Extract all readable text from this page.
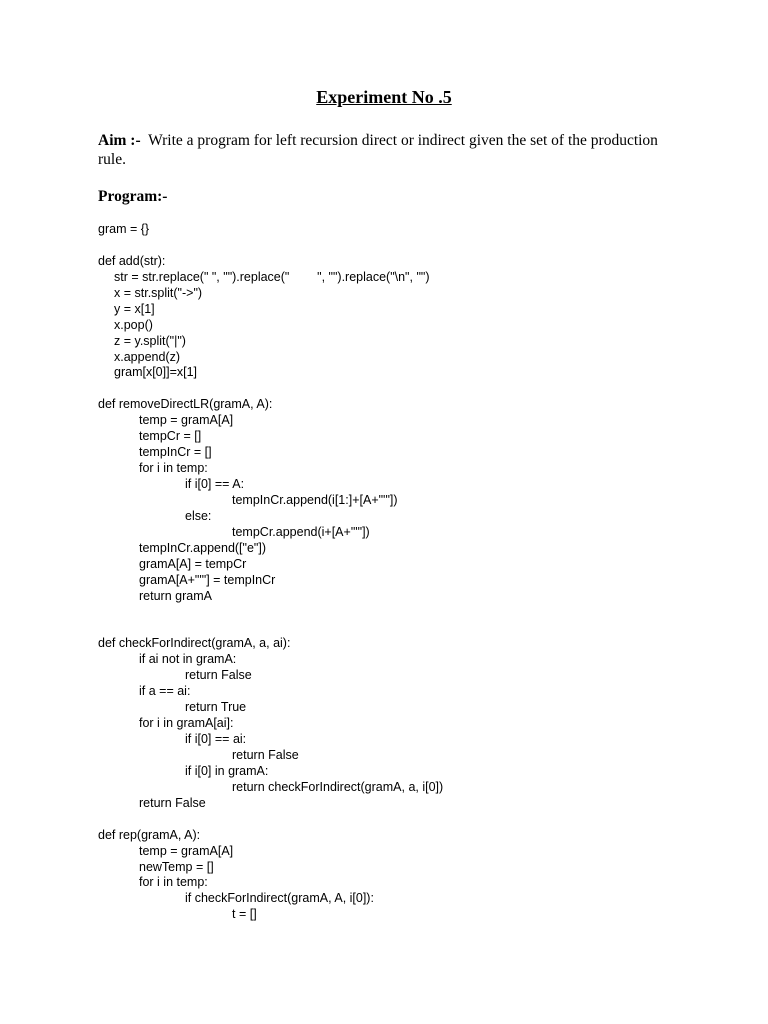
Experiment No .5
Aim :- Write a program for left recursion direct or indirect given the set of the production rule.
Program:-
gram = {}
def add(str):
str = str.replace(" ", "").replace("        ", "").replace("\n", "")
x = str.split("->")
y = x[1]
x.pop()
z = y.split("|")
x.append(z)
gram[x[0]]=x[1]
def removeDirectLR(gramA, A):
temp = gramA[A]
tempCr = []
tempInCr = []
for i in temp:
if i[0] == A:
tempInCr.append(i[1:]+[A+"'"])
else:
tempCr.append(i+[A+"'"])
tempInCr.append(["e"])
gramA[A] = tempCr
gramA[A+"'"] = tempInCr
return gramA
def checkForIndirect(gramA, a, ai):
if ai not in gramA:
return False
if a == ai:
return True
for i in gramA[ai]:
if i[0] == ai:
return False
if i[0] in gramA:
return checkForIndirect(gramA, a, i[0])
return False
def rep(gramA, A):
temp = gramA[A]
newTemp = []
for i in temp:
if checkForIndirect(gramA, A, i[0]):
t = []
